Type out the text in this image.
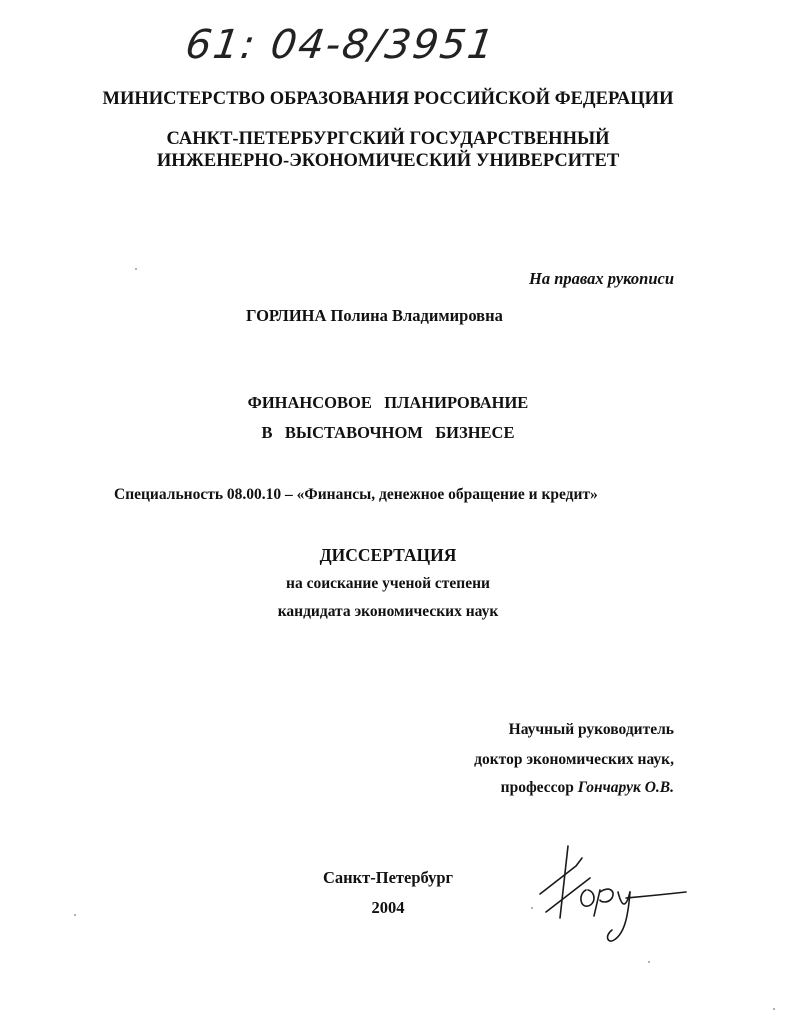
61: 04-8/3951
МИНИСТЕРСТВО ОБРАЗОВАНИЯ РОССИЙСКОЙ ФЕДЕРАЦИИ
САНКТ-ПЕТЕРБУРГСКИЙ ГОСУДАРСТВЕННЫЙ
ИНЖЕНЕРНО-ЭКОНОМИЧЕСКИЙ УНИВЕРСИТЕТ
На правах рукописи
ГОРЛИНА Полина Владимировна
ФИНАНСОВОЕ   ПЛАНИРОВАНИЕ
В   ВЫСТАВОЧНОМ   БИЗНЕСЕ
Специальность 08.00.10 – «Финансы, денежное обращение и кредит»
ДИССЕРТАЦИЯ
на соискание ученой степени
кандидата экономических наук
Научный руководитель
доктор экономических наук,
профессор Гончарук О.В.
Санкт-Петербург
2004
